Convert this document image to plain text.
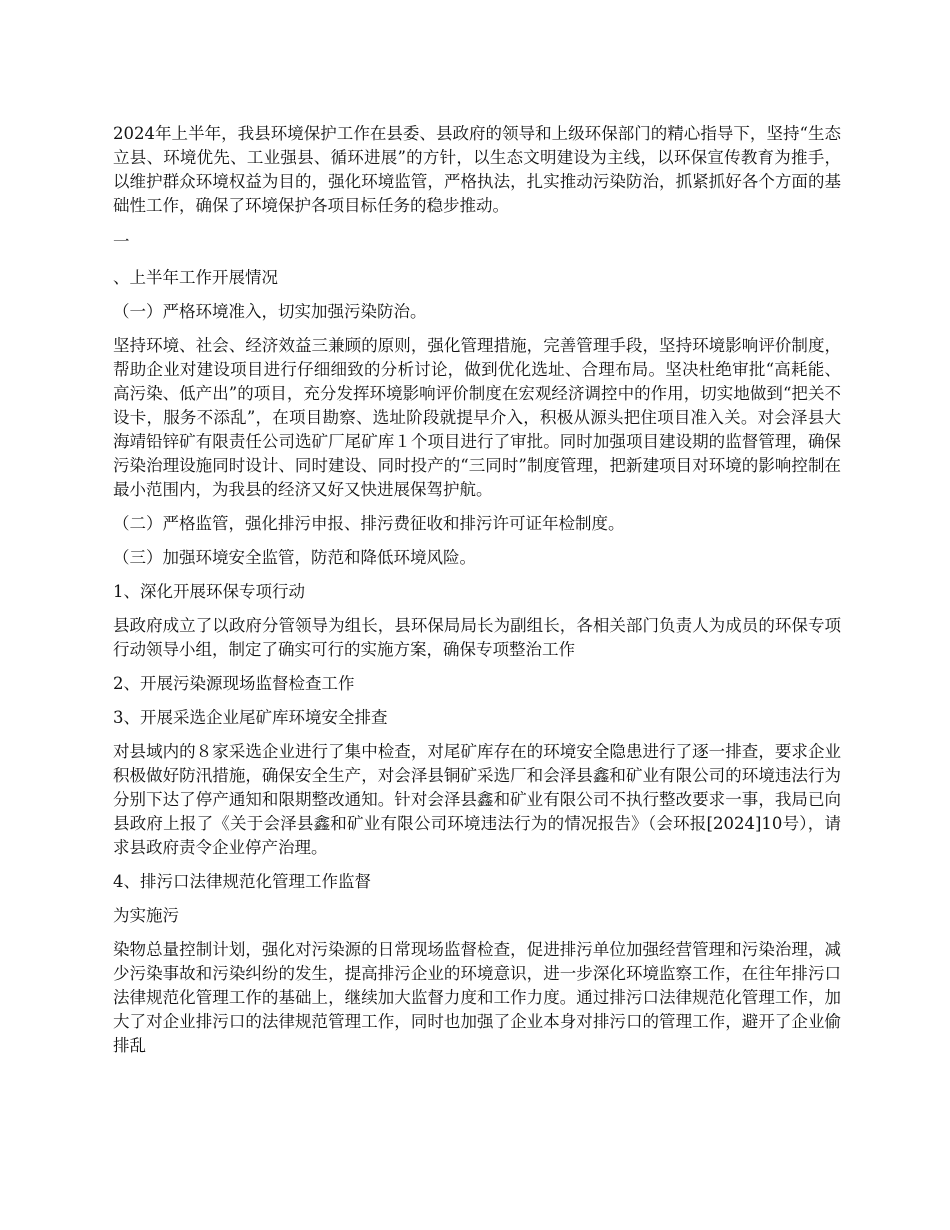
2024年上半年，我县环境保护工作在县委、县政府的领导和上级环保部门的精心指导下，坚持“生态立县、环境优先、工业强县、循环进展”的方针，以生态文明建设为主线，以环保宣传教育为推手，以维护群众环境权益为目的，强化环境监管，严格执法，扎实推动污染防治，抓紧抓好各个方面的基础性工作，确保了环境保护各项目标任务的稳步推动。

一

、上半年工作开展情况

（一）严格环境准入，切实加强污染防治。

坚持环境、社会、经济效益三兼顾的原则，强化管理措施，完善管理手段，坚持环境影响评价制度，帮助企业对建设项目进行仔细细致的分析讨论，做到优化选址、合理布局。坚决杜绝审批“高耗能、高污染、低产出”的项目，充分发挥环境影响评价制度在宏观经济调控中的作用，切实地做到“把关不设卡，服务不添乱”，在项目勘察、选址阶段就提早介入，积极从源头把住项目准入关。对会泽县大海靖铅锌矿有限责任公司选矿厂尾矿库１个项目进行了审批。同时加强项目建设期的监督管理，确保污染治理设施同时设计、同时建设、同时投产的“三同时”制度管理，把新建项目对环境的影响控制在最小范围内，为我县的经济又好又快进展保驾护航。

（二）严格监管，强化排污申报、排污费征收和排污许可证年检制度。

（三）加强环境安全监管，防范和降低环境风险。

1、深化开展环保专项行动

县政府成立了以政府分管领导为组长，县环保局局长为副组长，各相关部门负责人为成员的环保专项行动领导小组，制定了确实可行的实施方案，确保专项整治工作

2、开展污染源现场监督检查工作

3、开展采选企业尾矿库环境安全排查

对县域内的８家采选企业进行了集中检查，对尾矿库存在的环境安全隐患进行了逐一排查，要求企业积极做好防汛措施，确保安全生产，对会泽县铜矿采选厂和会泽县鑫和矿业有限公司的环境违法行为分别下达了停产通知和限期整改通知。针对会泽县鑫和矿业有限公司不执行整改要求一事，我局已向县政府上报了《关于会泽县鑫和矿业有限公司环境违法行为的情况报告》（会环报[2024]10号），请求县政府责令企业停产治理。

4、排污口法律规范化管理工作监督

为实施污

染物总量控制计划，强化对污染源的日常现场监督检查，促进排污单位加强经营管理和污染治理，减少污染事故和污染纠纷的发生，提高排污企业的环境意识，进一步深化环境监察工作，在往年排污口法律规范化管理工作的基础上，继续加大监督力度和工作力度。通过排污口法律规范化管理工作，加大了对企业排污口的法律规范管理工作，同时也加强了企业本身对排污口的管理工作，避开了企业偷排乱
